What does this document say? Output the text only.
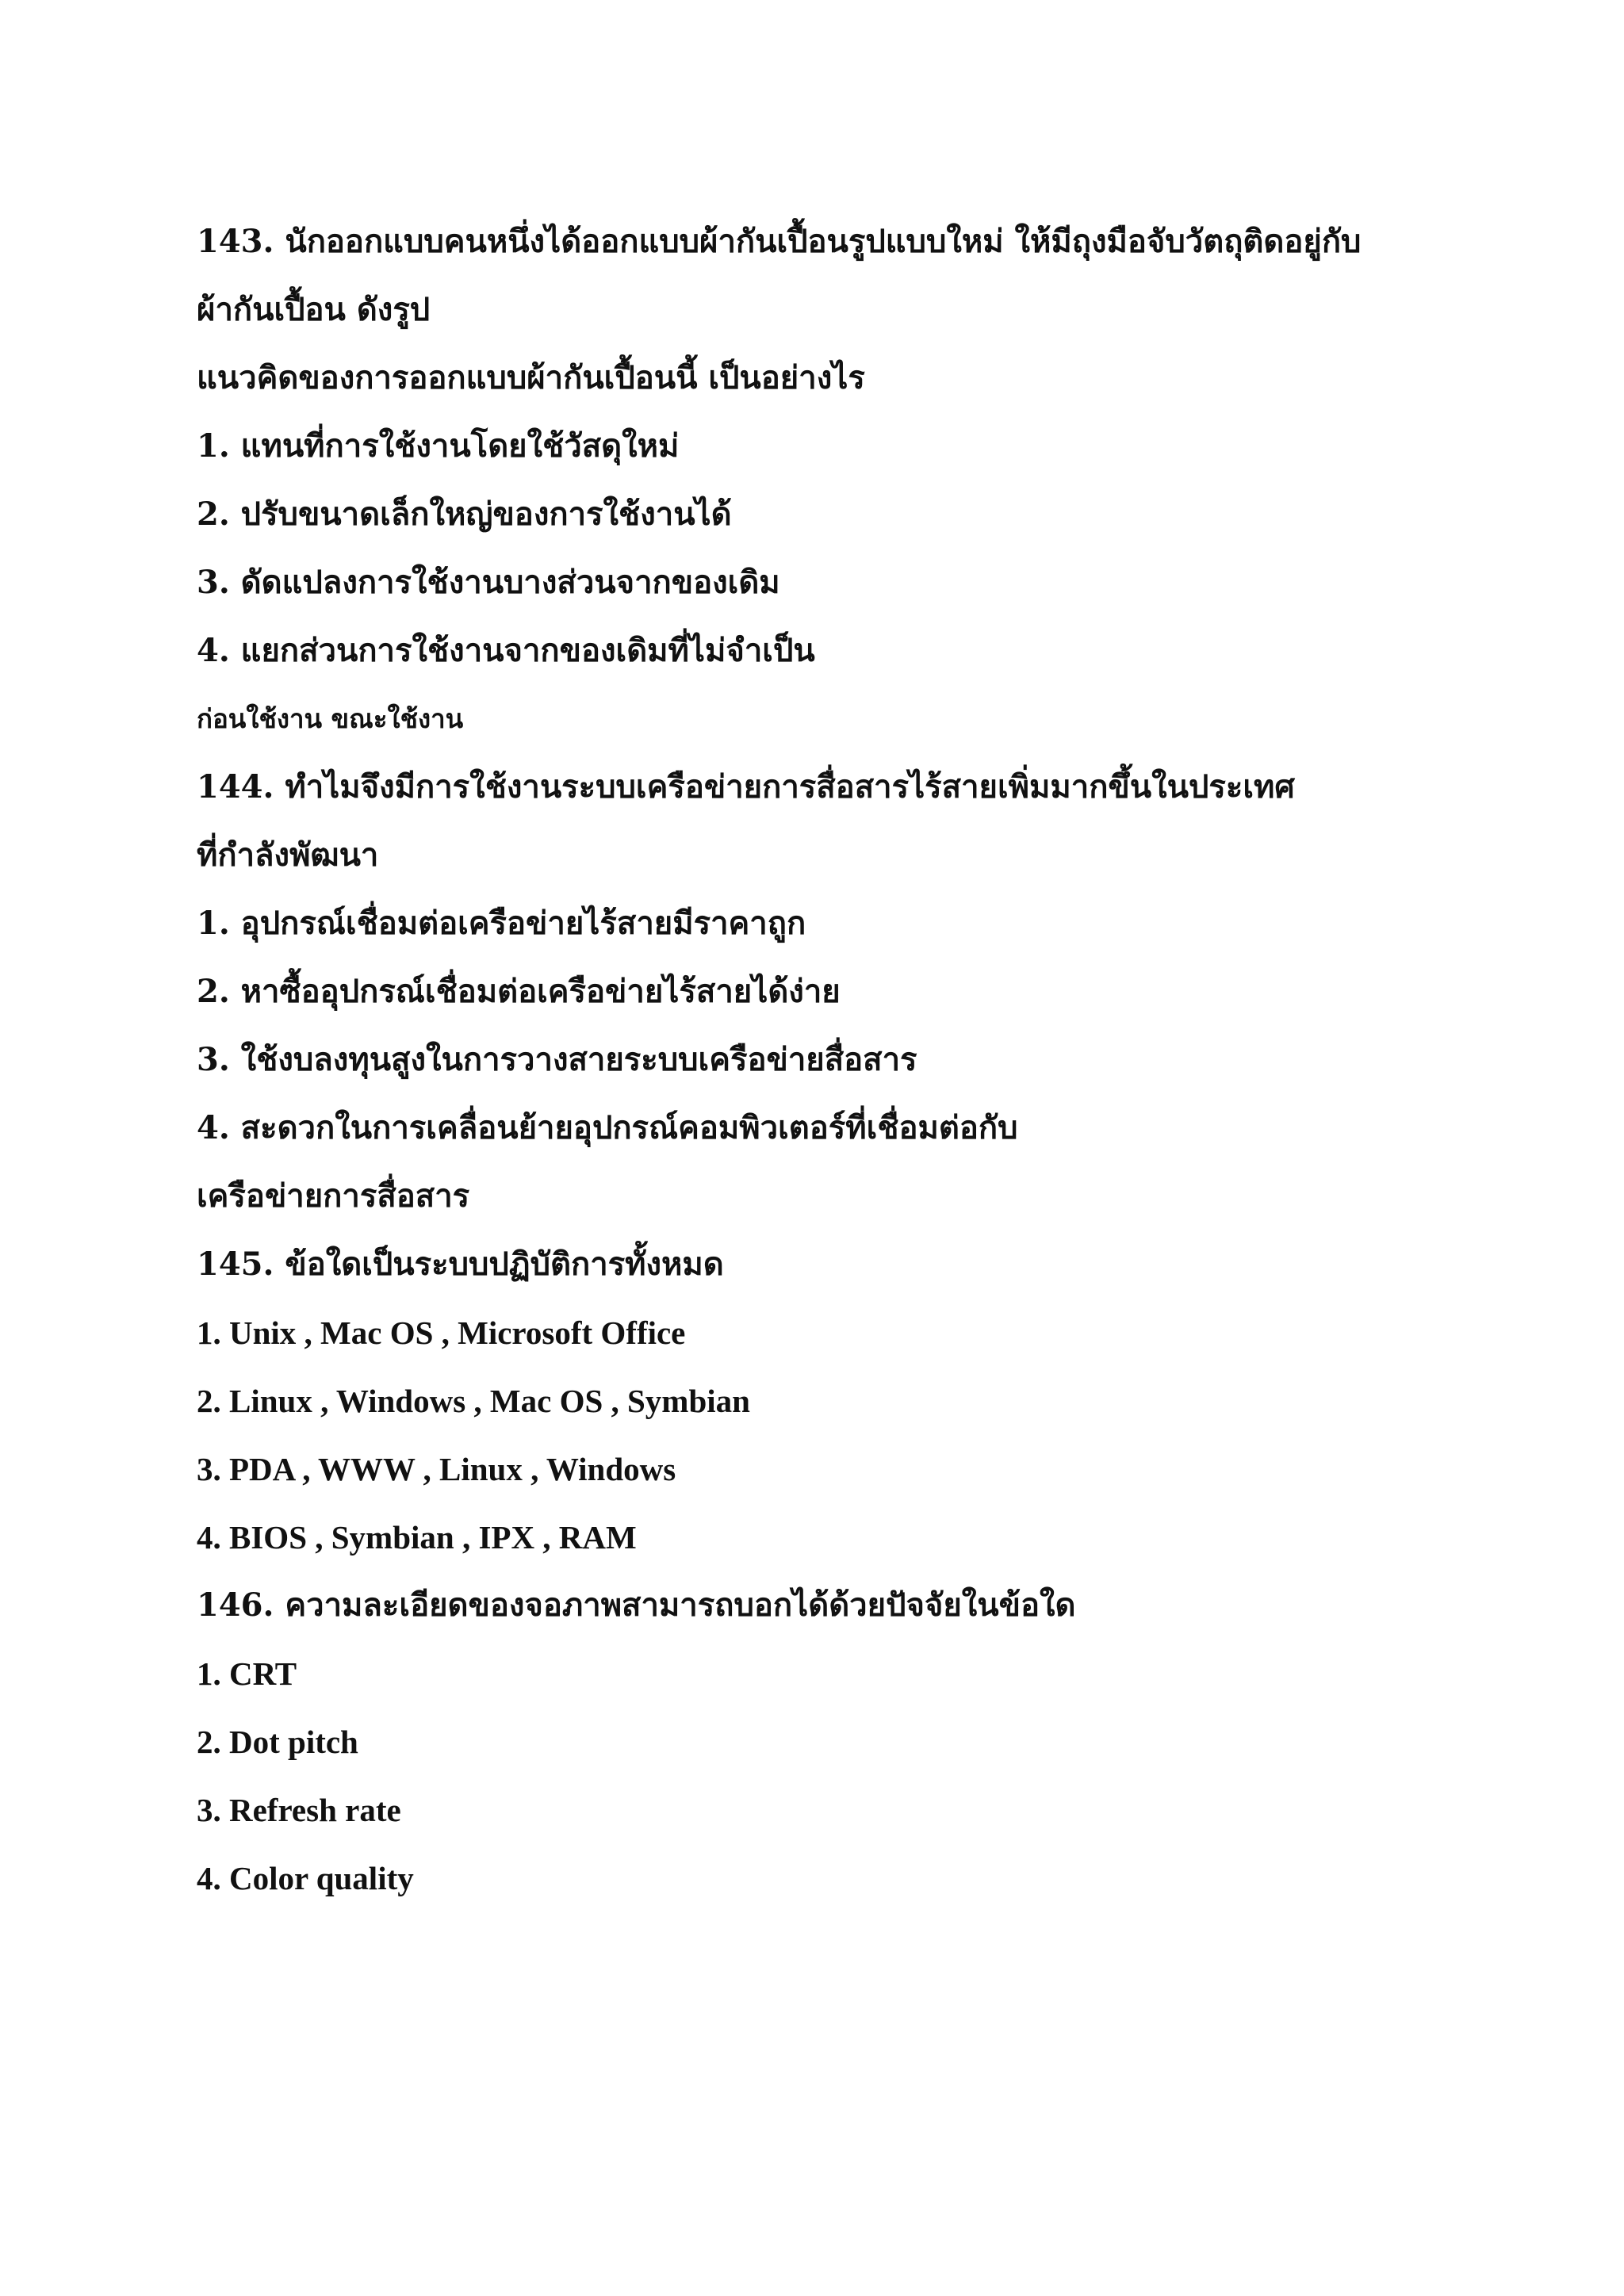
143. นักออกแบบคนหนึ่งได้ออกแบบผ้ากันเปื้อนรูปแบบใหม่ ให้มีถุงมือจับวัตถุติดอยู่กับ
ผ้ากันเปื้อน ดังรูป
แนวคิดของการออกแบบผ้ากันเปื้อนนี้ เป็นอย่างไร
1. แทนที่การใช้งานโดยใช้วัสดุใหม่
2. ปรับขนาดเล็กใหญ่ของการใช้งานได้
3. ดัดแปลงการใช้งานบางส่วนจากของเดิม
4. แยกส่วนการใช้งานจากของเดิมที่ไม่จำเป็น
ก่อนใช้งาน ขณะใช้งาน
144. ทำไมจึงมีการใช้งานระบบเครือข่ายการสื่อสารไร้สายเพิ่มมากขึ้นในประเทศ
ที่กำลังพัฒนา
1. อุปกรณ์เชื่อมต่อเครือข่ายไร้สายมีราคาถูก
2. หาซื้ออุปกรณ์เชื่อมต่อเครือข่ายไร้สายได้ง่าย
3. ใช้งบลงทุนสูงในการวางสายระบบเครือข่ายสื่อสาร
4. สะดวกในการเคลื่อนย้ายอุปกรณ์คอมพิวเตอร์ที่เชื่อมต่อกับ
เครือข่ายการสื่อสาร
145. ข้อใดเป็นระบบปฏิบัติการทั้งหมด
1. Unix , Mac OS , Microsoft Office
2. Linux , Windows , Mac OS , Symbian
3. PDA , WWW , Linux , Windows
4. BIOS , Symbian , IPX , RAM
146. ความละเอียดของจอภาพสามารถบอกได้ด้วยปัจจัยในข้อใด
1. CRT
2. Dot pitch
3. Refresh rate
4. Color quality
